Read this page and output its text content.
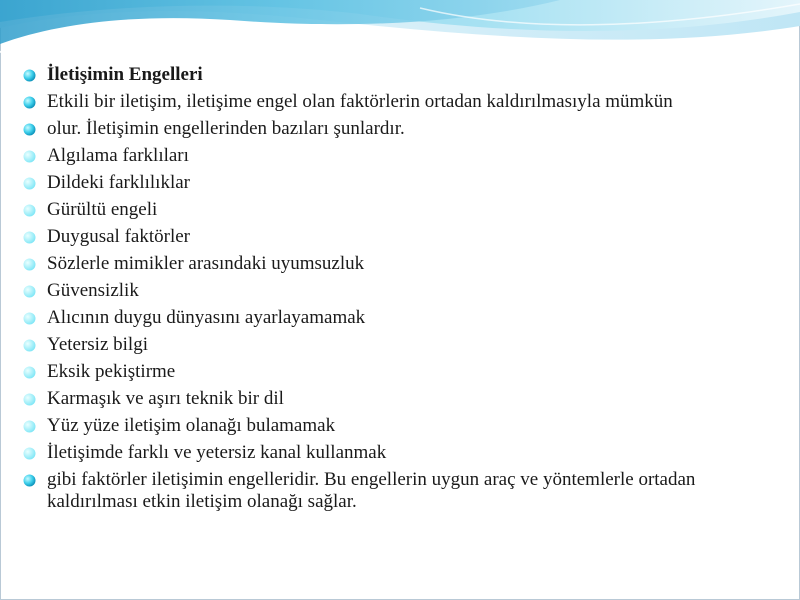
İletişimin Engelleri
Etkili bir iletişim, iletişime engel olan faktörlerin ortadan kaldırılmasıyla mümkün
olur. İletişimin engellerinden bazıları şunlardır.
Algılama farklıları
Dildeki farklılıklar
Gürültü engeli
Duygusal faktörler
Sözlerle mimikler arasındaki uyumsuzluk
Güvensizlik
Alıcının duygu dünyasını ayarlayamamak
Yetersiz bilgi
Eksik pekiştirme
Karmaşık ve aşırı teknik bir dil
Yüz yüze iletişim olanağı bulamamak
İletişimde farklı ve yetersiz kanal kullanmak
gibi faktörler iletişimin engelleridir. Bu engellerin uygun araç ve yöntemlerle ortadan kaldırılması etkin iletişim olanağı sağlar.
